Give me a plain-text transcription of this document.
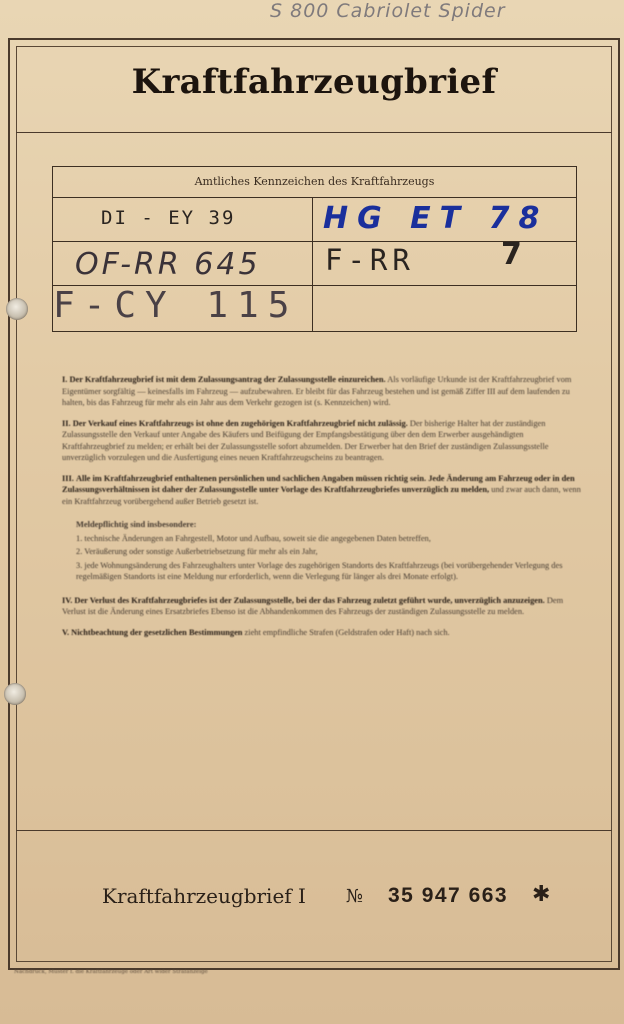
S 800 Cabriolet Spider
Kraftfahrzeugbrief
Amtliches Kennzeichen des Kraftfahrzeugs
DI - EY 39	HG ET 78
OF-RR 645 F-RR	7
F-CY 115

I. Der Kraftfahrzeugbrief ist mit dem Zulassungsantrag der Zulassungsstelle einzureichen. Als vorläufige Urkunde ist der Kraftfahrzeugbrief vom Eigentümer sorgfältig — keinesfalls im Fahrzeug — aufzubewahren. Er bleibt für das Fahrzeug bestehen und ist gemäß Ziffer III auf dem laufenden zu halten, bis das Fahrzeug für mehr als ein Jahr aus dem Verkehr gezogen ist (s. Kennzeichen) wird.

II. Der Verkauf eines Kraftfahrzeugs ist ohne den zugehörigen Kraftfahrzeugbrief nicht zulässig. Der bisherige Halter hat der zuständigen Zulassungsstelle den Verkauf unter Angabe des Käufers und Beifügung der Empfangsbestätigung über den dem Erwerber ausgehändigten Kraftfahrzeugbrief zu melden; er erhält bei der Zulassungsstelle sofort abzumelden. Der Erwerber hat den Brief der zuständigen Zulassungsstelle unverzüglich vorzulegen und die Ausfertigung eines neuen Kraftfahrzeugscheins zu beantragen.

III. Alle im Kraftfahrzeugbrief enthaltenen persönlichen und sachlichen Angaben müssen richtig sein. Jede Änderung am Fahrzeug oder in den Zulassungsverhältnissen ist daher der Zulassungsstelle unter Vorlage des Kraftfahrzeugbriefes unverzüglich zu melden, und zwar auch dann, wenn ein Kraftfahrzeug vorübergehend außer Betrieb gesetzt ist.

Meldepflichtig sind insbesondere:

1. technische Änderungen an Fahrgestell, Motor und Aufbau, soweit sie die angegebenen Daten betreffen,

2. Veräußerung oder sonstige Außerbetriebsetzung für mehr als ein Jahr,

3. jede Wohnungsänderung des Fahrzeughalters unter Vorlage des zugehörigen Standorts des Kraftfahrzeugs (bei vorübergehender Verlegung des regelmäßigen Standorts ist eine Meldung nur erforderlich, wenn die Verlegung für länger als drei Monate erfolgt).

IV. Der Verlust des Kraftfahrzeugbriefes ist der Zulassungsstelle, bei der das Fahrzeug zuletzt geführt wurde, unverzüglich anzuzeigen. Dem Verlust ist die Änderung eines Ersatzbriefes Ebenso ist die Abhandenkommen des Fahrzeugs der zuständigen Zulassungsstelle zu melden.

V. Nichtbeachtung der gesetzlichen Bestimmungen zieht empfindliche Strafen (Geldstrafen oder Haft) nach sich.

Kraftfahrzeugbrief I № 35 947 663 ✱
Nachdruck, Muster f. die Kraftfahrzeuge oder Art wider Strafanzeige
